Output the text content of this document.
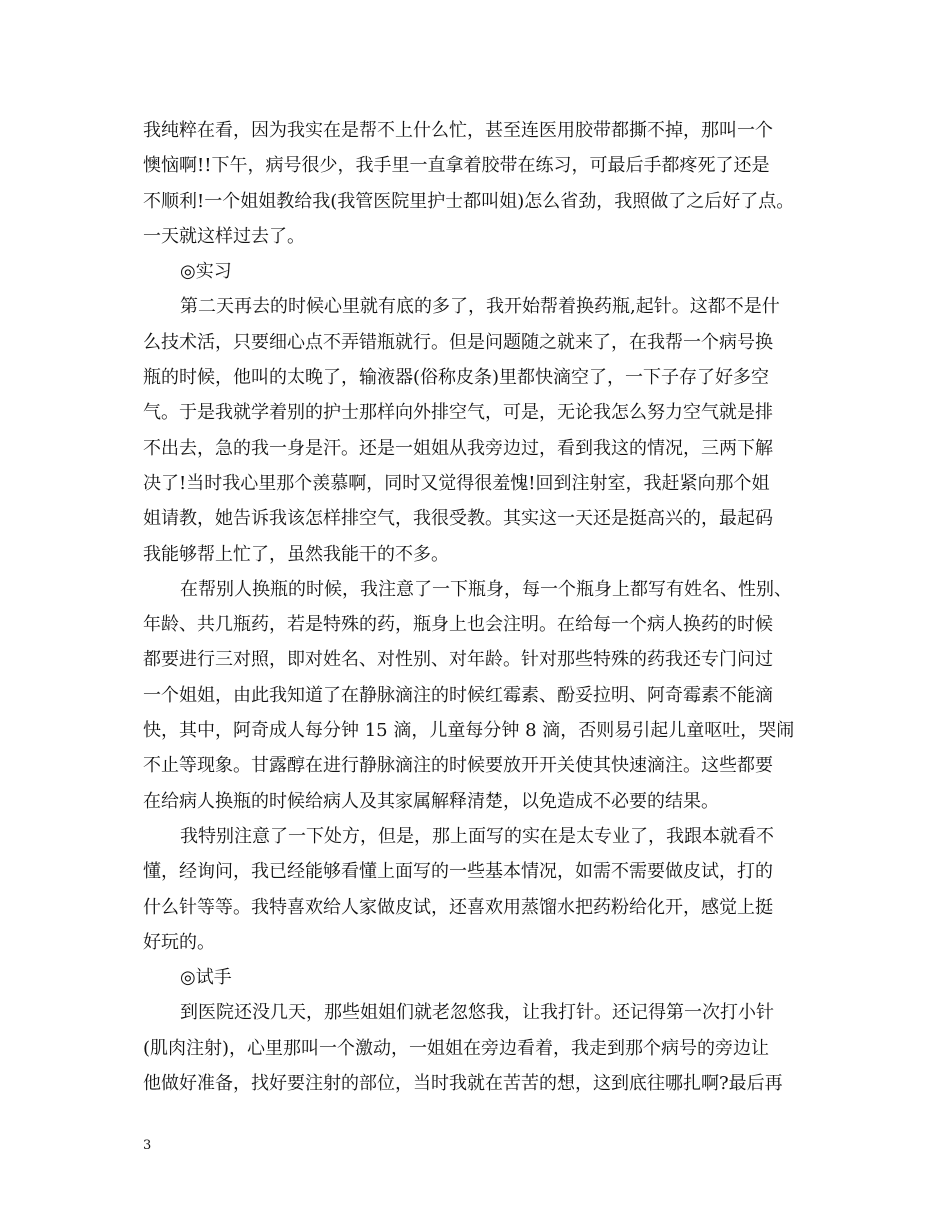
我纯粹在看，因为我实在是帮不上什么忙，甚至连医用胶带都撕不掉，那叫一个
懊恼啊!!下午，病号很少，我手里一直拿着胶带在练习，可最后手都疼死了还是
不顺利!一个姐姐教给我(我管医院里护士都叫姐)怎么省劲，我照做了之后好了点。
一天就这样过去了。
◎实习
第二天再去的时候心里就有底的多了，我开始帮着换药瓶,起针。这都不是什
么技术活，只要细心点不弄错瓶就行。但是问题随之就来了，在我帮一个病号换
瓶的时候，他叫的太晚了，输液器(俗称皮条)里都快滴空了，一下子存了好多空
气。于是我就学着别的护士那样向外排空气，可是，无论我怎么努力空气就是排
不出去，急的我一身是汗。还是一姐姐从我旁边过，看到我这的情况，三两下解
决了!当时我心里那个羡慕啊，同时又觉得很羞愧!回到注射室，我赶紧向那个姐
姐请教，她告诉我该怎样排空气，我很受教。其实这一天还是挺高兴的，最起码
我能够帮上忙了，虽然我能干的不多。
在帮别人换瓶的时候，我注意了一下瓶身，每一个瓶身上都写有姓名、性别、
年龄、共几瓶药，若是特殊的药，瓶身上也会注明。在给每一个病人换药的时候
都要进行三对照，即对姓名、对性别、对年龄。针对那些特殊的药我还专门问过
一个姐姐，由此我知道了在静脉滴注的时候红霉素、酚妥拉明、阿奇霉素不能滴
快，其中，阿奇成人每分钟 15 滴，儿童每分钟 8 滴，否则易引起儿童呕吐，哭闹
不止等现象。甘露醇在进行静脉滴注的时候要放开开关使其快速滴注。这些都要
在给病人换瓶的时候给病人及其家属解释清楚，以免造成不必要的结果。
我特别注意了一下处方，但是，那上面写的实在是太专业了，我跟本就看不
懂，经询问，我已经能够看懂上面写的一些基本情况，如需不需要做皮试，打的
什么针等等。我特喜欢给人家做皮试，还喜欢用蒸馏水把药粉给化开，感觉上挺
好玩的。
◎试手
到医院还没几天，那些姐姐们就老忽悠我，让我打针。还记得第一次打小针
(肌肉注射)，心里那叫一个激动，一姐姐在旁边看着，我走到那个病号的旁边让
他做好准备，找好要注射的部位，当时我就在苦苦的想，这到底往哪扎啊?最后再
3
